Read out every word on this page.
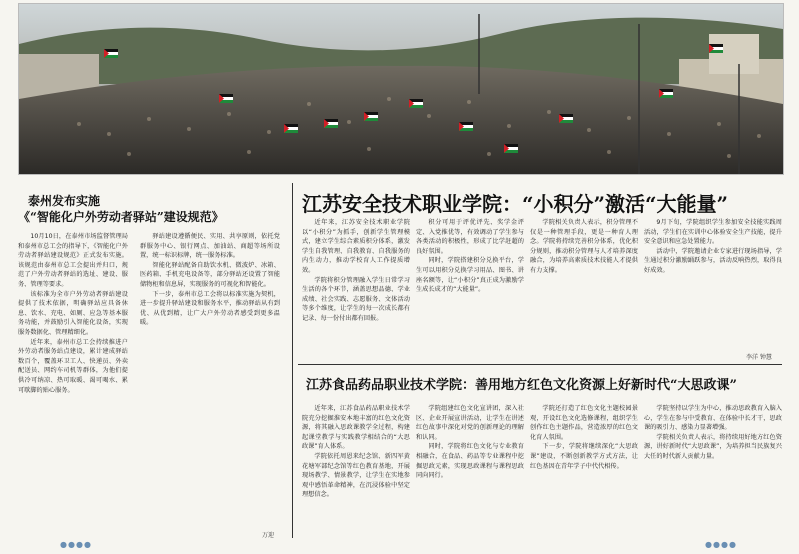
泰州发布实施
《“智能化户外劳动者驿站”建设规范》
江苏安全技术职业学院：“小积分”激活“大能量”

10月10日，在泰州市场监督管理局和泰州市总工会的指导下，《智能化户外劳动者驿站建设规范》正式发布实施。该规范由泰州市总工会提出并归口，规范了户外劳动者驿站的选址、建设、服务、管理等要求。

该标准为全市户外劳动者驿站建设提供了技术依据，明确驿站应具备休息、饮水、充电、如厕、应急等基本服务功能，并鼓励引入智能化设备，实现服务数据化、管理精细化。

近年来，泰州市总工会持续推进户外劳动者服务站点建设，累计建成驿站数百个，覆盖环卫工人、快递员、外卖配送员、网约车司机等群体，为他们提供冷可纳凉、热可取暖、渴可喝水、累可歇脚的贴心服务。

驿站建设遵循便民、实用、共享原则，依托党群服务中心、银行网点、加油站、商超等场所设置，统一标识标牌，统一服务标准。

智能化驿站配备自助饮水机、微波炉、冰箱、医药箱、手机充电设备等，部分驿站还设置了智能储物柜和信息屏，实现服务的可视化和智能化。

下一步，泰州市总工会将以标准实施为契机，进一步提升驿站建设和服务水平，推动驿站从有到优、从优到精，让广大户外劳动者感受到更多温暖。

万迎

近年来，江苏安全技术职业学院以“小积分”为抓手，创新学生管理模式，建立学生综合素质积分体系，激发学生自我管理、自我教育、自我服务的内生动力，推动学校育人工作提质增效。

学院将积分管理融入学生日常学习生活的各个环节，涵盖思想品德、学业成绩、社会实践、志愿服务、文体活动等多个维度，让学生的每一次成长都有记录、每一份付出都有回报。

积分可用于评优评先、奖学金评定、入党推优等，有效调动了学生参与各类活动的积极性，形成了比学赶超的良好氛围。

同时，学院搭建积分兑换平台，学生可以用积分兑换学习用品、图书、讲座名额等，让“小积分”真正成为激励学生成长成才的“大能量”。

学院相关负责人表示，积分管理不仅是一种管理手段，更是一种育人理念。学院将持续完善积分体系，优化积分规则，推动积分管理与人才培养深度融合，为培养高素质技术技能人才提供有力支撑。

9月下旬，学院组织学生参加安全技能实践周活动，学生们在实训中心体验安全生产技能，提升安全意识和应急处置能力。

活动中，学院邀请企业专家进行现场指导，学生通过积分激励踊跃参与，活动反响热烈，取得良好成效。

李洋 钟慧
江苏食品药品职业技术学院：善用地方红色文化资源上好新时代“大思政课”

近年来，江苏食品药品职业技术学院充分挖掘淮安本地丰富的红色文化资源，将其融入思政课教学全过程，构建起课堂教学与实践教学相结合的“大思政课”育人体系。

学院依托周恩来纪念馆、新四军黄花塘军部纪念馆等红色教育基地，开展现场教学、情景教学，让学生在实地参观中感悟革命精神，在沉浸体验中坚定理想信念。

学院组建红色文化宣讲团，深入社区、企业开展宣讲活动，让学生在讲述红色故事中深化对党的创新理论的理解和认同。

同时，学院将红色文化与专业教育相融合，在食品、药品等专业课程中挖掘思政元素，实现思政课程与课程思政同向同行。

学院还打造了红色文化主题校园景观，开设红色文化选修课程，组织学生创作红色主题作品，营造浓厚的红色文化育人氛围。

下一步，学院将继续深化“大思政课”建设，不断创新教学方式方法，让红色基因在青年学子中代代相传。

学院坚持以学生为中心，推动思政教育入脑入心，学生在参与中受教育、在体验中长才干，思政课的吸引力、感染力显著增强。

学院相关负责人表示，将持续用好地方红色资源，讲好新时代“大思政课”，为培养担当民族复兴大任的时代新人贡献力量。

●●●●	●●●●
